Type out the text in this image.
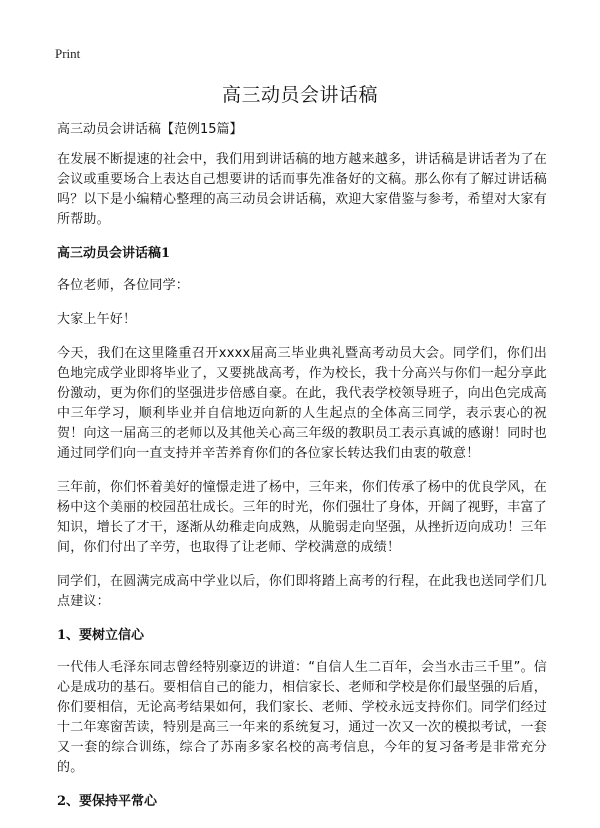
Print
高三动员会讲话稿
高三动员会讲话稿【范例15篇】

在发展不断提速的社会中，我们用到讲话稿的地方越来越多，讲话稿是讲话者为了在会议或重要场合上表达自己想要讲的话而事先准备好的文稿。那么你有了解过讲话稿吗？以下是小编精心整理的高三动员会讲话稿，欢迎大家借鉴与参考，希望对大家有所帮助。

高三动员会讲话稿1

各位老师，各位同学：

大家上午好！

今天，我们在这里隆重召开xxxx届高三毕业典礼暨高考动员大会。同学们，你们出色地完成学业即将毕业了，又要挑战高考，作为校长，我十分高兴与你们一起分享此份激动，更为你们的坚强进步倍感自豪。在此，我代表学校领导班子，向出色完成高中三年学习，顺利毕业并自信地迈向新的人生起点的全体高三同学，表示衷心的祝贺！向这一届高三的老师以及其他关心高三年级的教职员工表示真诚的感谢！同时也通过同学们向一直支持并辛苦养育你们的各位家长转达我们由衷的敬意！

三年前，你们怀着美好的憧憬走进了杨中，三年来，你们传承了杨中的优良学风，在杨中这个美丽的校园茁壮成长。三年的时光，你们强壮了身体，开阔了视野，丰富了知识，增长了才干，逐渐从幼稚走向成熟，从脆弱走向坚强，从挫折迈向成功！三年间，你们付出了辛劳，也取得了让老师、学校满意的成绩！

同学们，在圆满完成高中学业以后，你们即将踏上高考的行程，在此我也送同学们几点建议：

1、要树立信心

一代伟人毛泽东同志曾经特别豪迈的讲道：“自信人生二百年，会当水击三千里”。信心是成功的基石。要相信自己的能力，相信家长、老师和学校是你们最坚强的后盾，你们要相信，无论高考结果如何，我们家长、老师、学校永远支持你们。同学们经过十二年寒窗苦读，特别是高三一年来的系统复习，通过一次又一次的模拟考试，一套又一套的综合训练，综合了苏南多家名校的高考信息，今年的复习备考是非常充分的。

2、要保持平常心
